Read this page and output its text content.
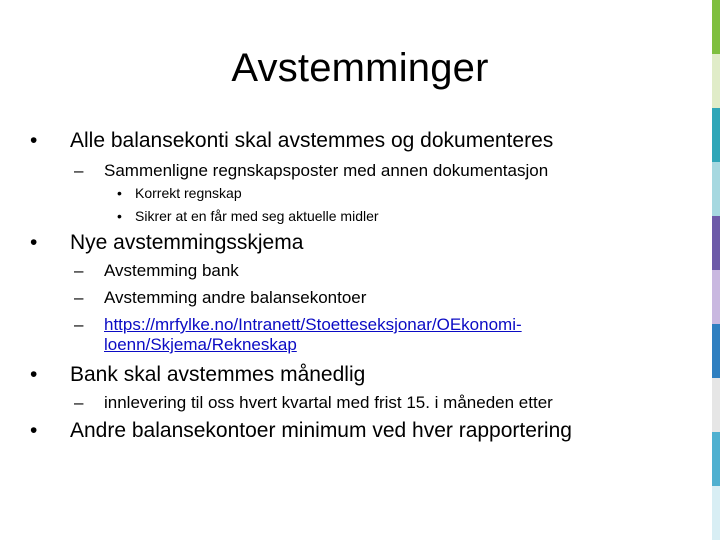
Avstemminger
• Alle balansekonti skal avstemmes og dokumenteres
– Sammenligne regnskapsposter med annen dokumentasjon
• Korrekt regnskap
• Sikrer at en får med seg aktuelle midler
• Nye avstemmingsskjema
– Avstemming bank
– Avstemming andre balansekontoer
– https://mrfylke.no/Intranett/Stoetteseksjonar/OEkonomi-
loenn/Skjema/Rekneskap
• Bank skal avstemmes månedlig
– innlevering til oss hvert kvartal med frist 15. i måneden etter
• Andre balansekontoer minimum ved hver rapportering
